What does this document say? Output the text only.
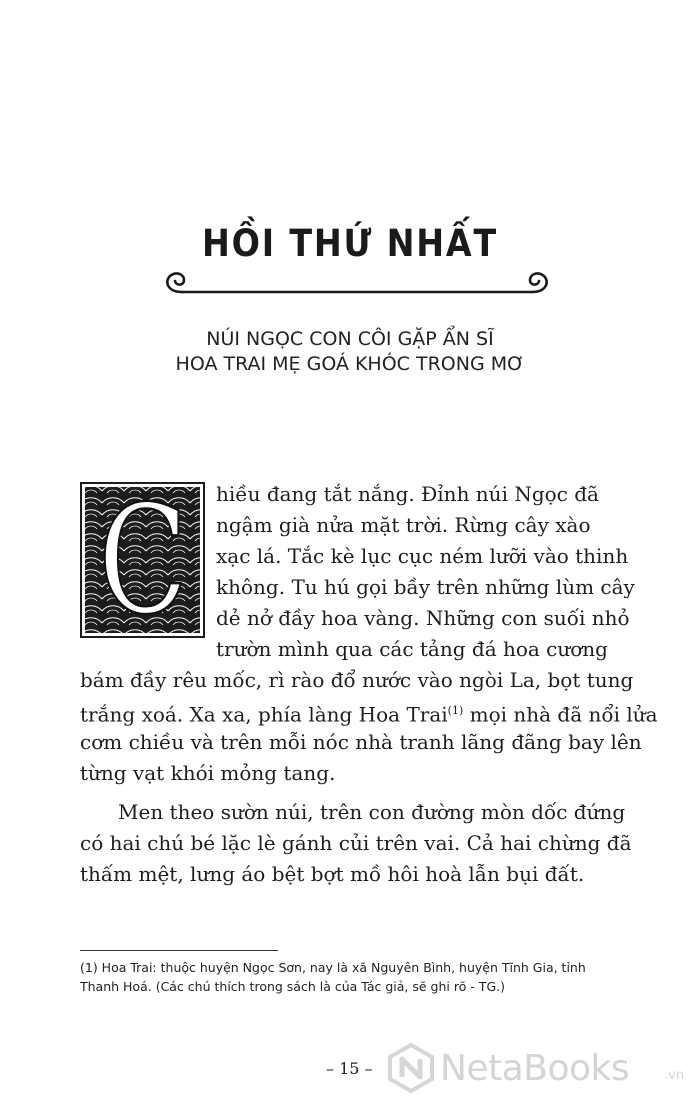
HỒI THỨ NHẤT
NÚI NGỌC CON CÔI GẶP ẨN SĨ
HOA TRAI MẸ GOÁ KHÓC TRONG MƠ
C hiều đang tắt nắng. Đỉnh núi Ngọc đã
ngậm già nửa mặt trời. Rừng cây xào
xạc lá. Tắc kè lục cục ném lưỡi vào thinh
không. Tu hú gọi bầy trên những lùm cây
dẻ nở đầy hoa vàng. Những con suối nhỏ
trườn mình qua các tảng đá hoa cương
bám đầy rêu mốc, rì rào đổ nước vào ngòi La, bọt tung
trắng xoá. Xa xa, phía làng Hoa Trai$^{(1)}$ mọi nhà đã nổi lửa
cơm chiều và trên mỗi nóc nhà tranh lãng đãng bay lên
từng vạt khói mỏng tang.
Men theo sườn núi, trên con đường mòn dốc đứng
có hai chú bé lặc lè gánh củi trên vai. Cả hai chừng đã
thấm mệt, lưng áo bệt bợt mồ hôi hoà lẫn bụi đất.
(1) Hoa Trai: thuộc huyện Ngọc Sơn, nay là xã Nguyên Bình, huyện Tĩnh Gia, tỉnh
Thanh Hoá. (Các chú thích trong sách là của Tác giả, sẽ ghi rõ - TG.)
– 15 – NetaBooks	.vn
